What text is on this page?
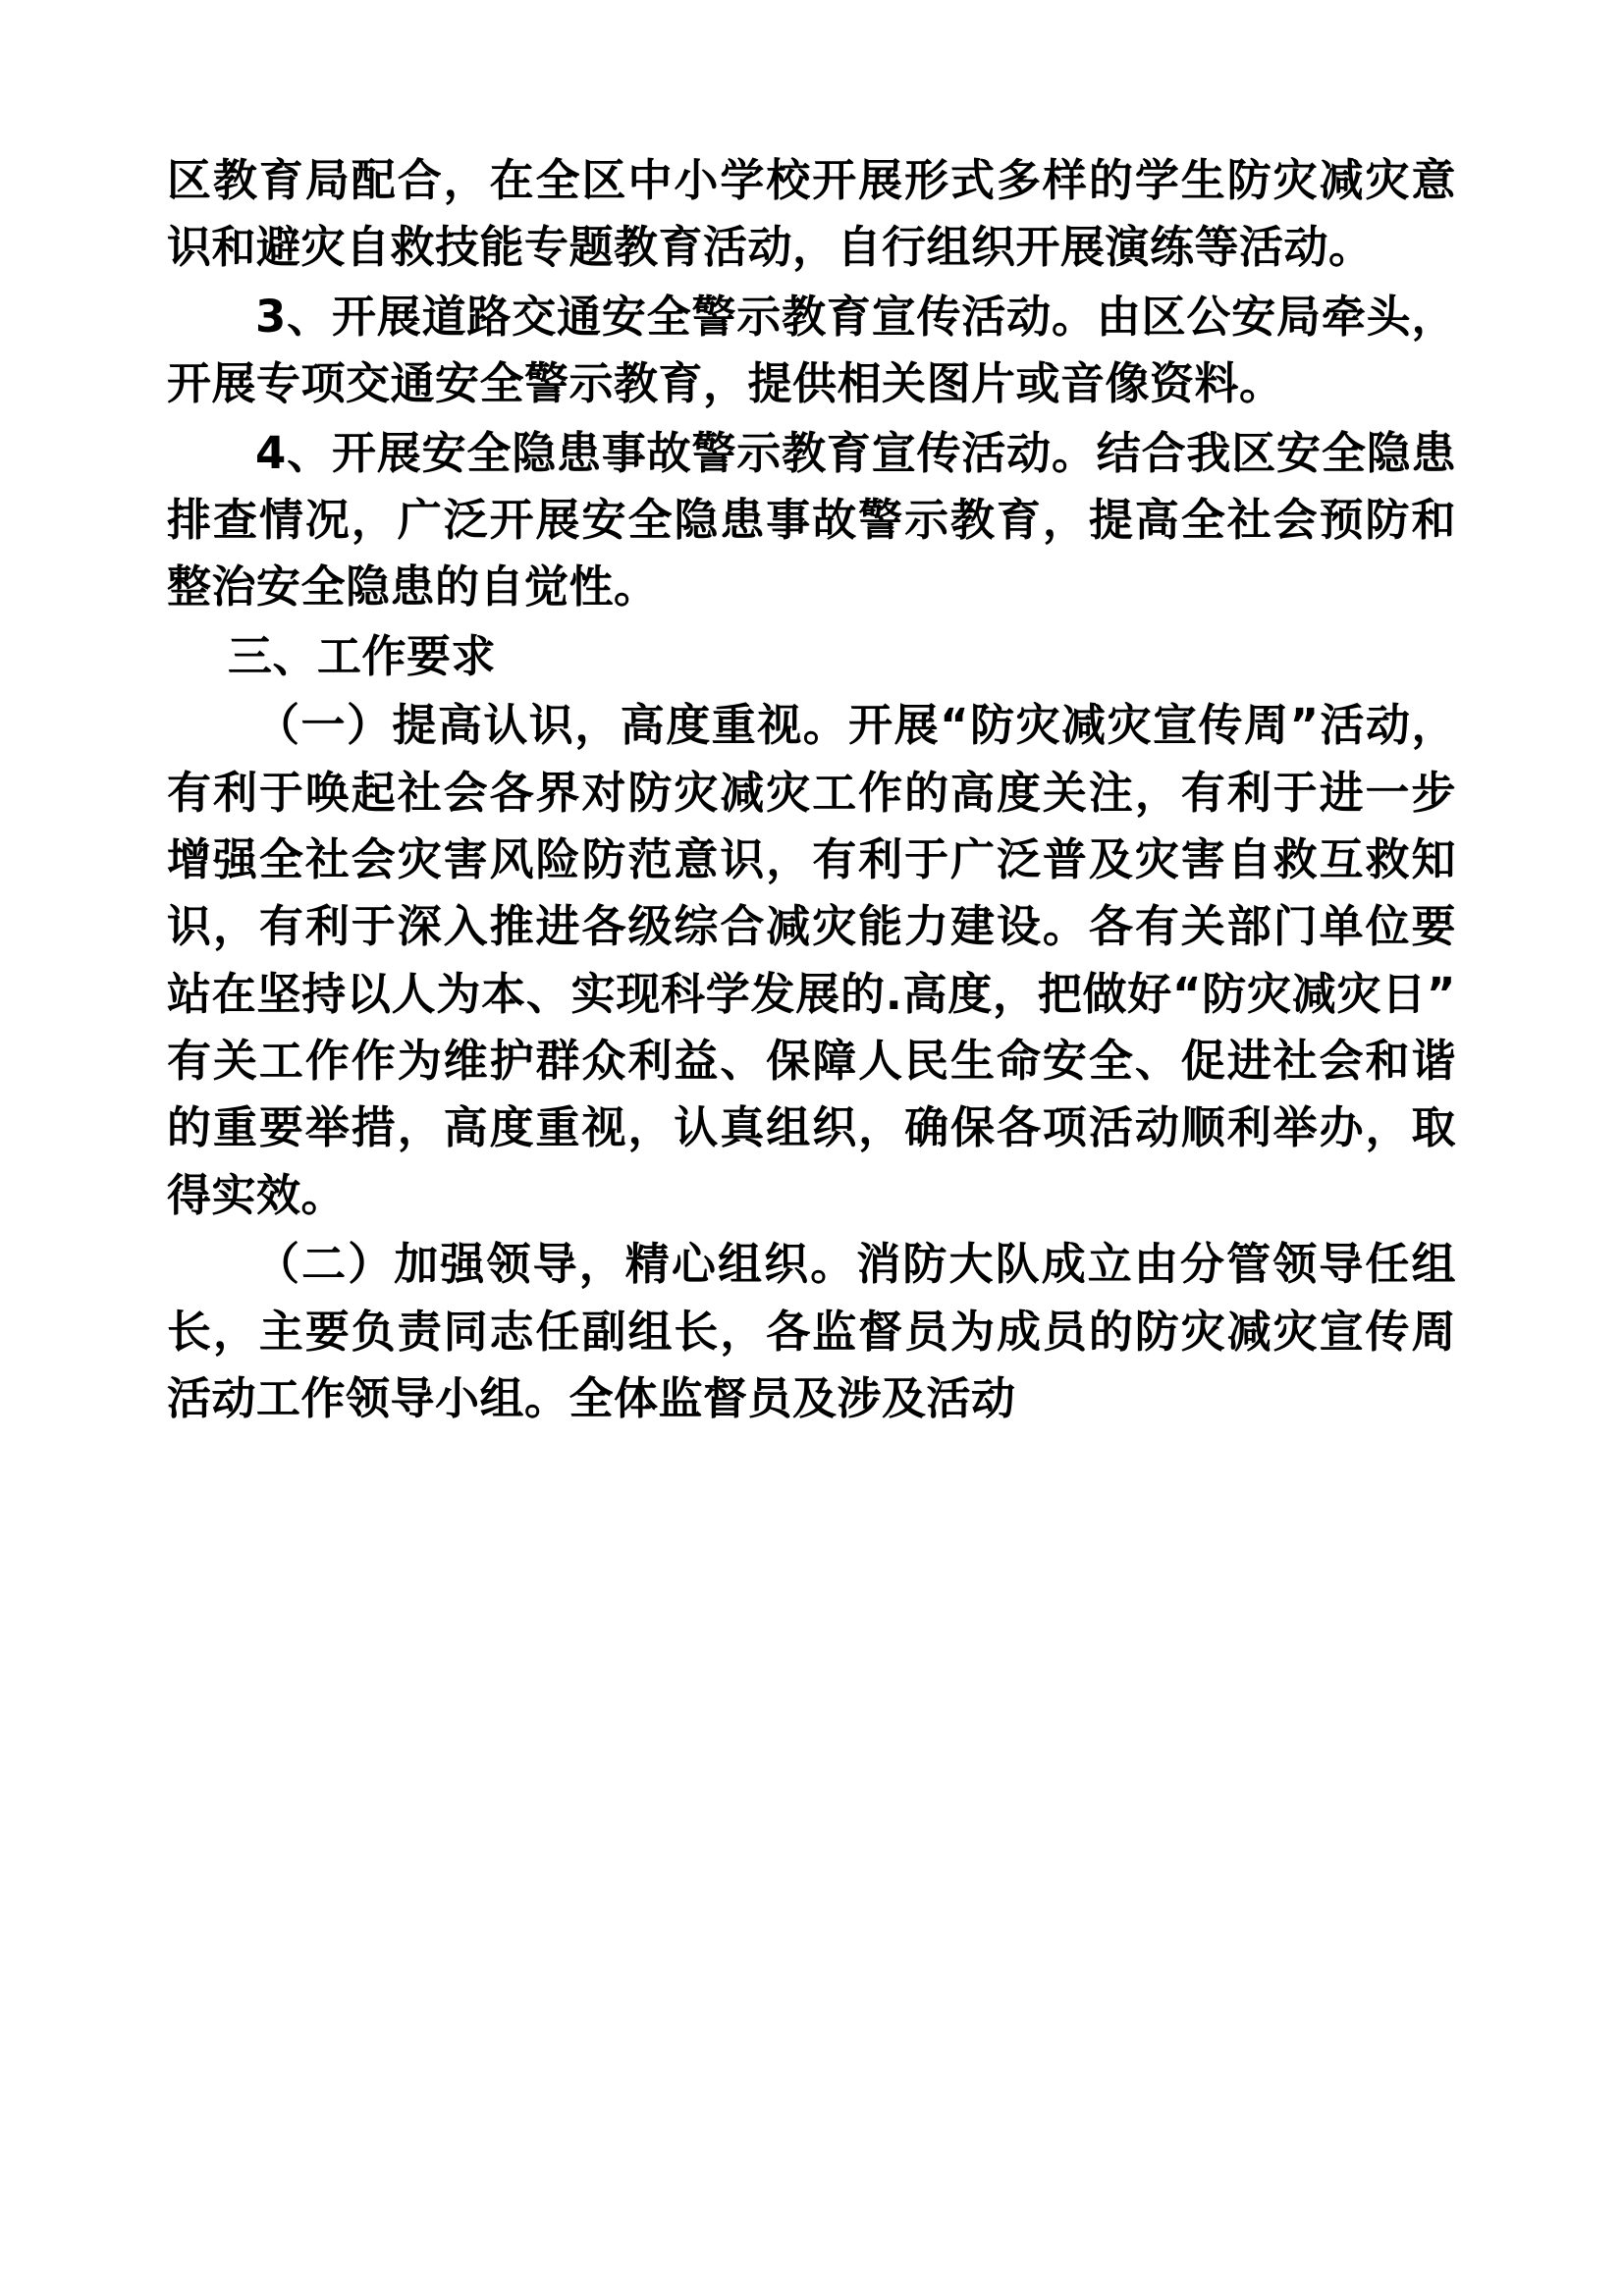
区教育局配合，在全区中小学校开展形式多样的学生防灾减灾意识和避灾自救技能专题教育活动，自行组织开展演练等活动。

3、开展道路交通安全警示教育宣传活动。由区公安局牵头，开展专项交通安全警示教育，提供相关图片或音像资料。

4、开展安全隐患事故警示教育宣传活动。结合我区安全隐患排查情况，广泛开展安全隐患事故警示教育，提高全社会预防和整治安全隐患的自觉性。

三、工作要求

（一）提高认识，高度重视。开展“防灾减灾宣传周”活动，有利于唤起社会各界对防灾减灾工作的高度关注，有利于进一步增强全社会灾害风险防范意识，有利于广泛普及灾害自救互救知识，有利于深入推进各级综合减灾能力建设。各有关部门单位要站在坚持以人为本、实现科学发展的.高度，把做好“防灾减灾日”有关工作作为维护群众利益、保障人民生命安全、促进社会和谐的重要举措，高度重视，认真组织，确保各项活动顺利举办，取得实效。

（二）加强领导，精心组织。消防大队成立由分管领导任组长，主要负责同志任副组长，各监督员为成员的防灾减灾宣传周活动工作领导小组。全体监督员及涉及活动
